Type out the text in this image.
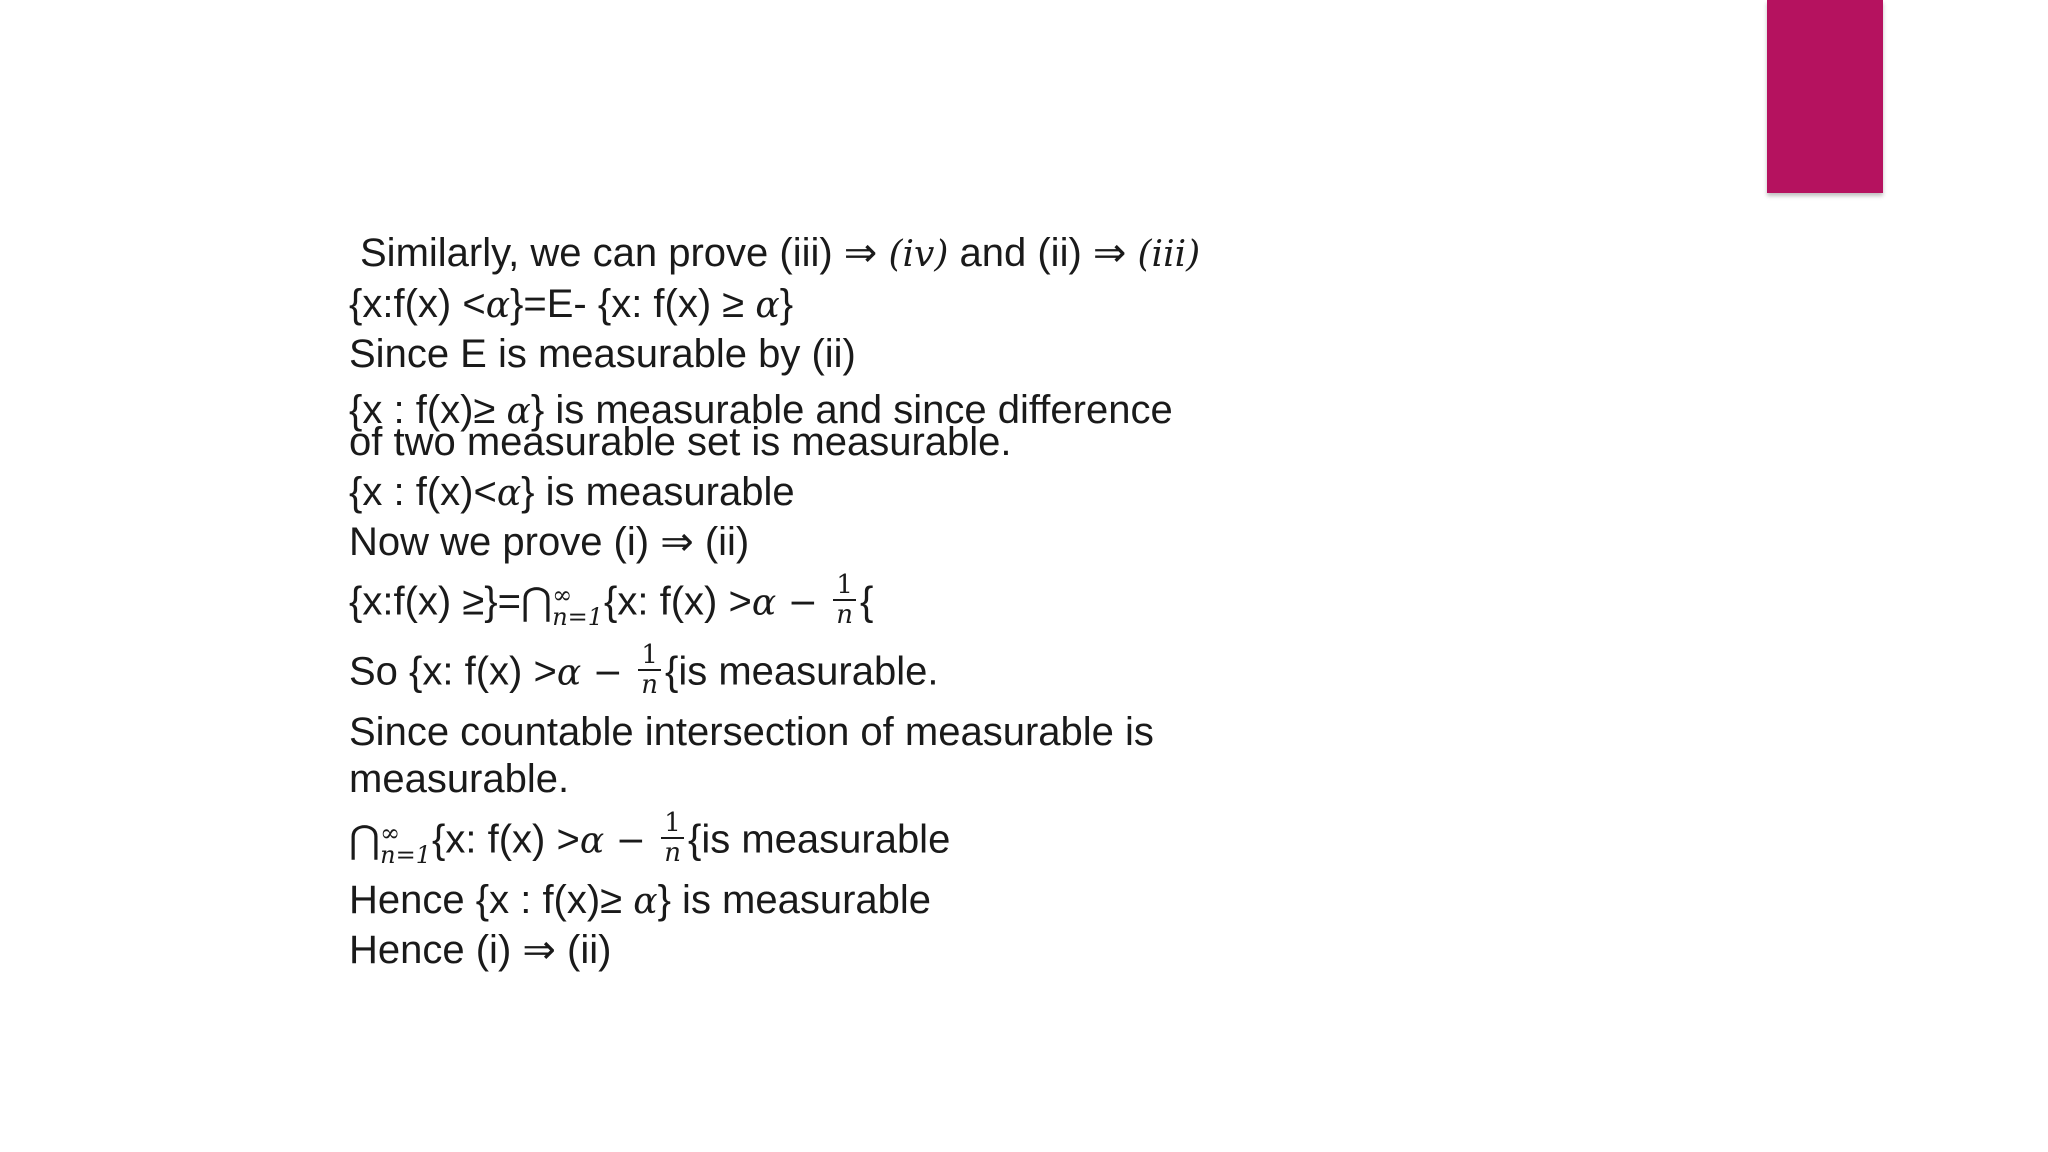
Similarly, we can prove (iii) ⇒ (iv) and (ii) ⇒ (iii)
{x:f(x) <α}=E- {x: f(x) ≥ α}
Since E is measurable by (ii)
{x : f(x)≥ α} is measurable and since difference
of two measurable set is measurable.
{x : f(x)<α} is measurable
Now we prove (i) ⇒ (ii)
{x:f(x) ≥}=⋂ ∞
n=1 {x: $f(x) >\alpha - \frac{1}{n}$ {
So {x: $f(x) >\alpha - \frac{1}{n} \{is$ measurable.
Since countable intersection of measurable is
measurable.
⋂ ∞
n=1 {x: $f(x) >\alpha - \frac{1}{n} \{is$ measurable
Hence {x : f(x)≥ α} is measurable
Hence (i) ⇒ (ii)
